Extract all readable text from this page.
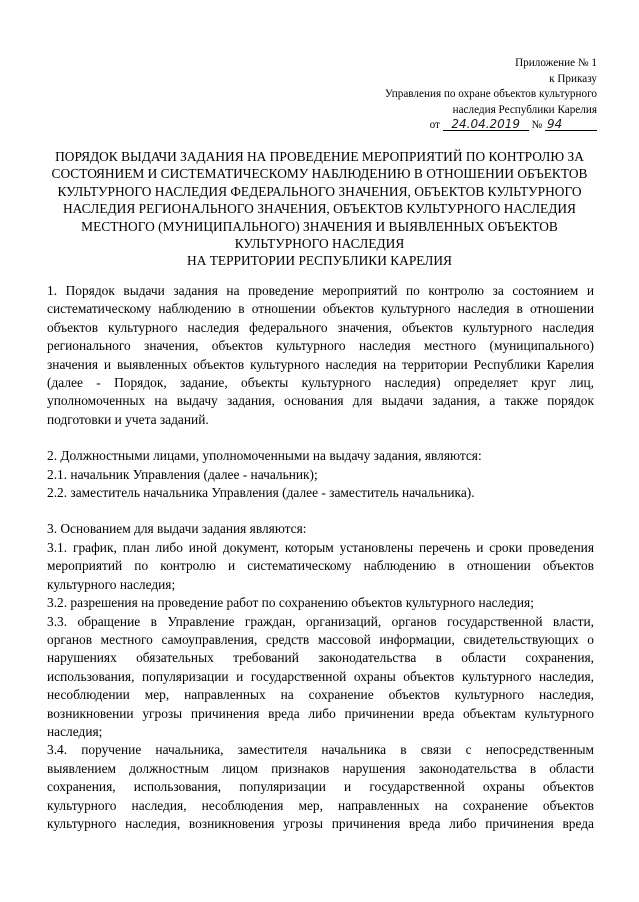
Приложение № 1
к Приказу
Управления по охране объектов культурного
наследия Республики Карелия
от 24.04.2019 № 94
ПОРЯДОК ВЫДАЧИ ЗАДАНИЯ НА ПРОВЕДЕНИЕ МЕРОПРИЯТИЙ ПО КОНТРОЛЮ ЗА
СОСТОЯНИЕМ И СИСТЕМАТИЧЕСКОМУ НАБЛЮДЕНИЮ В ОТНОШЕНИИ ОБЪЕКТОВ
КУЛЬТУРНОГО НАСЛЕДИЯ ФЕДЕРАЛЬНОГО ЗНАЧЕНИЯ, ОБЪЕКТОВ КУЛЬТУРНОГО
НАСЛЕДИЯ РЕГИОНАЛЬНОГО ЗНАЧЕНИЯ, ОБЪЕКТОВ КУЛЬТУРНОГО НАСЛЕДИЯ
МЕСТНОГО (МУНИЦИПАЛЬНОГО) ЗНАЧЕНИЯ И ВЫЯВЛЕННЫХ ОБЪЕКТОВ
КУЛЬТУРНОГО НАСЛЕДИЯ
НА ТЕРРИТОРИИ РЕСПУБЛИКИ КАРЕЛИЯ
1. Порядок выдачи задания на проведение мероприятий по контролю за состоянием и
систематическому наблюдению в отношении объектов культурного наследия в отношении
объектов культурного наследия федерального значения, объектов культурного наследия
регионального значения, объектов культурного наследия местного (муниципального)
значения и выявленных объектов культурного наследия на территории Республики Карелия
(далее - Порядок, задание, объекты культурного наследия) определяет круг лиц,
уполномоченных на выдачу задания, основания для выдачи задания, а также порядок
подготовки и учета заданий.
2. Должностными лицами, уполномоченными на выдачу задания, являются:
2.1. начальник Управления (далее - начальник);
2.2. заместитель начальника Управления (далее - заместитель начальника).
3. Основанием для выдачи задания являются:
3.1. график, план либо иной документ, которым установлены перечень и сроки проведения
мероприятий по контролю и систематическому наблюдению в отношении объектов
культурного наследия;
3.2. разрешения на проведение работ по сохранению объектов культурного наследия;
3.3. обращение в Управление граждан, организаций, органов государственной власти,
органов местного самоуправления, средств массовой информации, свидетельствующих о
нарушениях обязательных требований законодательства в области сохранения,
использования, популяризации и государственной охраны объектов культурного наследия,
несоблюдении мер, направленных на сохранение объектов культурного наследия,
возникновении угрозы причинения вреда либо причинении вреда объектам культурного
наследия;
3.4. поручение начальника, заместителя начальника в связи с непосредственным
выявлением должностным лицом признаков нарушения законодательства в области
сохранения, использования, популяризации и государственной охраны объектов
культурного наследия, несоблюдения мер, направленных на сохранение объектов
культурного наследия, возникновения угрозы причинения вреда либо причинения вреда
